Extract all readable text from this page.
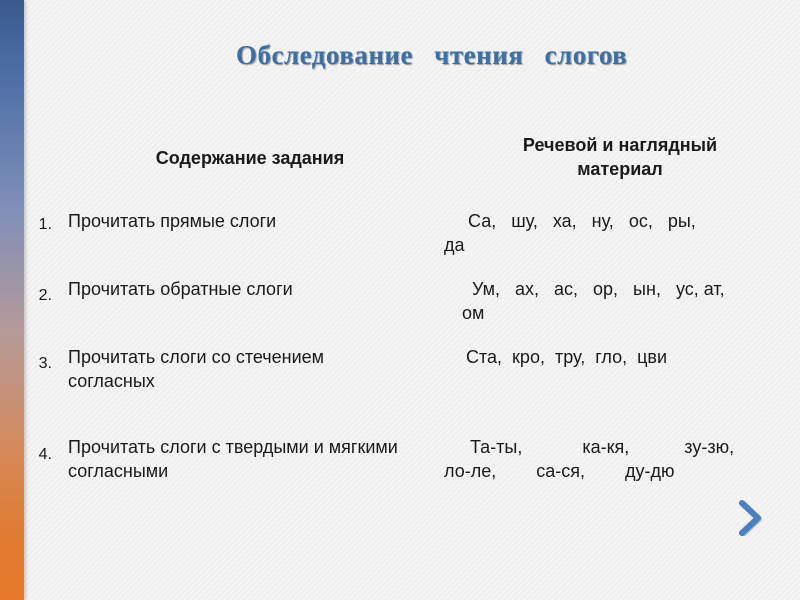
Обследование чтения слогов
Содержание задания
Речевой и наглядный материал
1. Прочитать прямые слоги	Са,   шу,   ха,   ну,   ос,   ры,
да
2. Прочитать обратные слоги	Ум,   ах,   ас,   ор,   ын,   ус, ат,
ом
3. Прочитать слоги со стечением согласных
Ста,  кро,  тру,  гло,  цви
4. Прочитать слоги с твердыми и мягкими согласными
Та-ты,            ка-кя,           зу-зю,
ло-ле,        са-ся,        ду-дю
